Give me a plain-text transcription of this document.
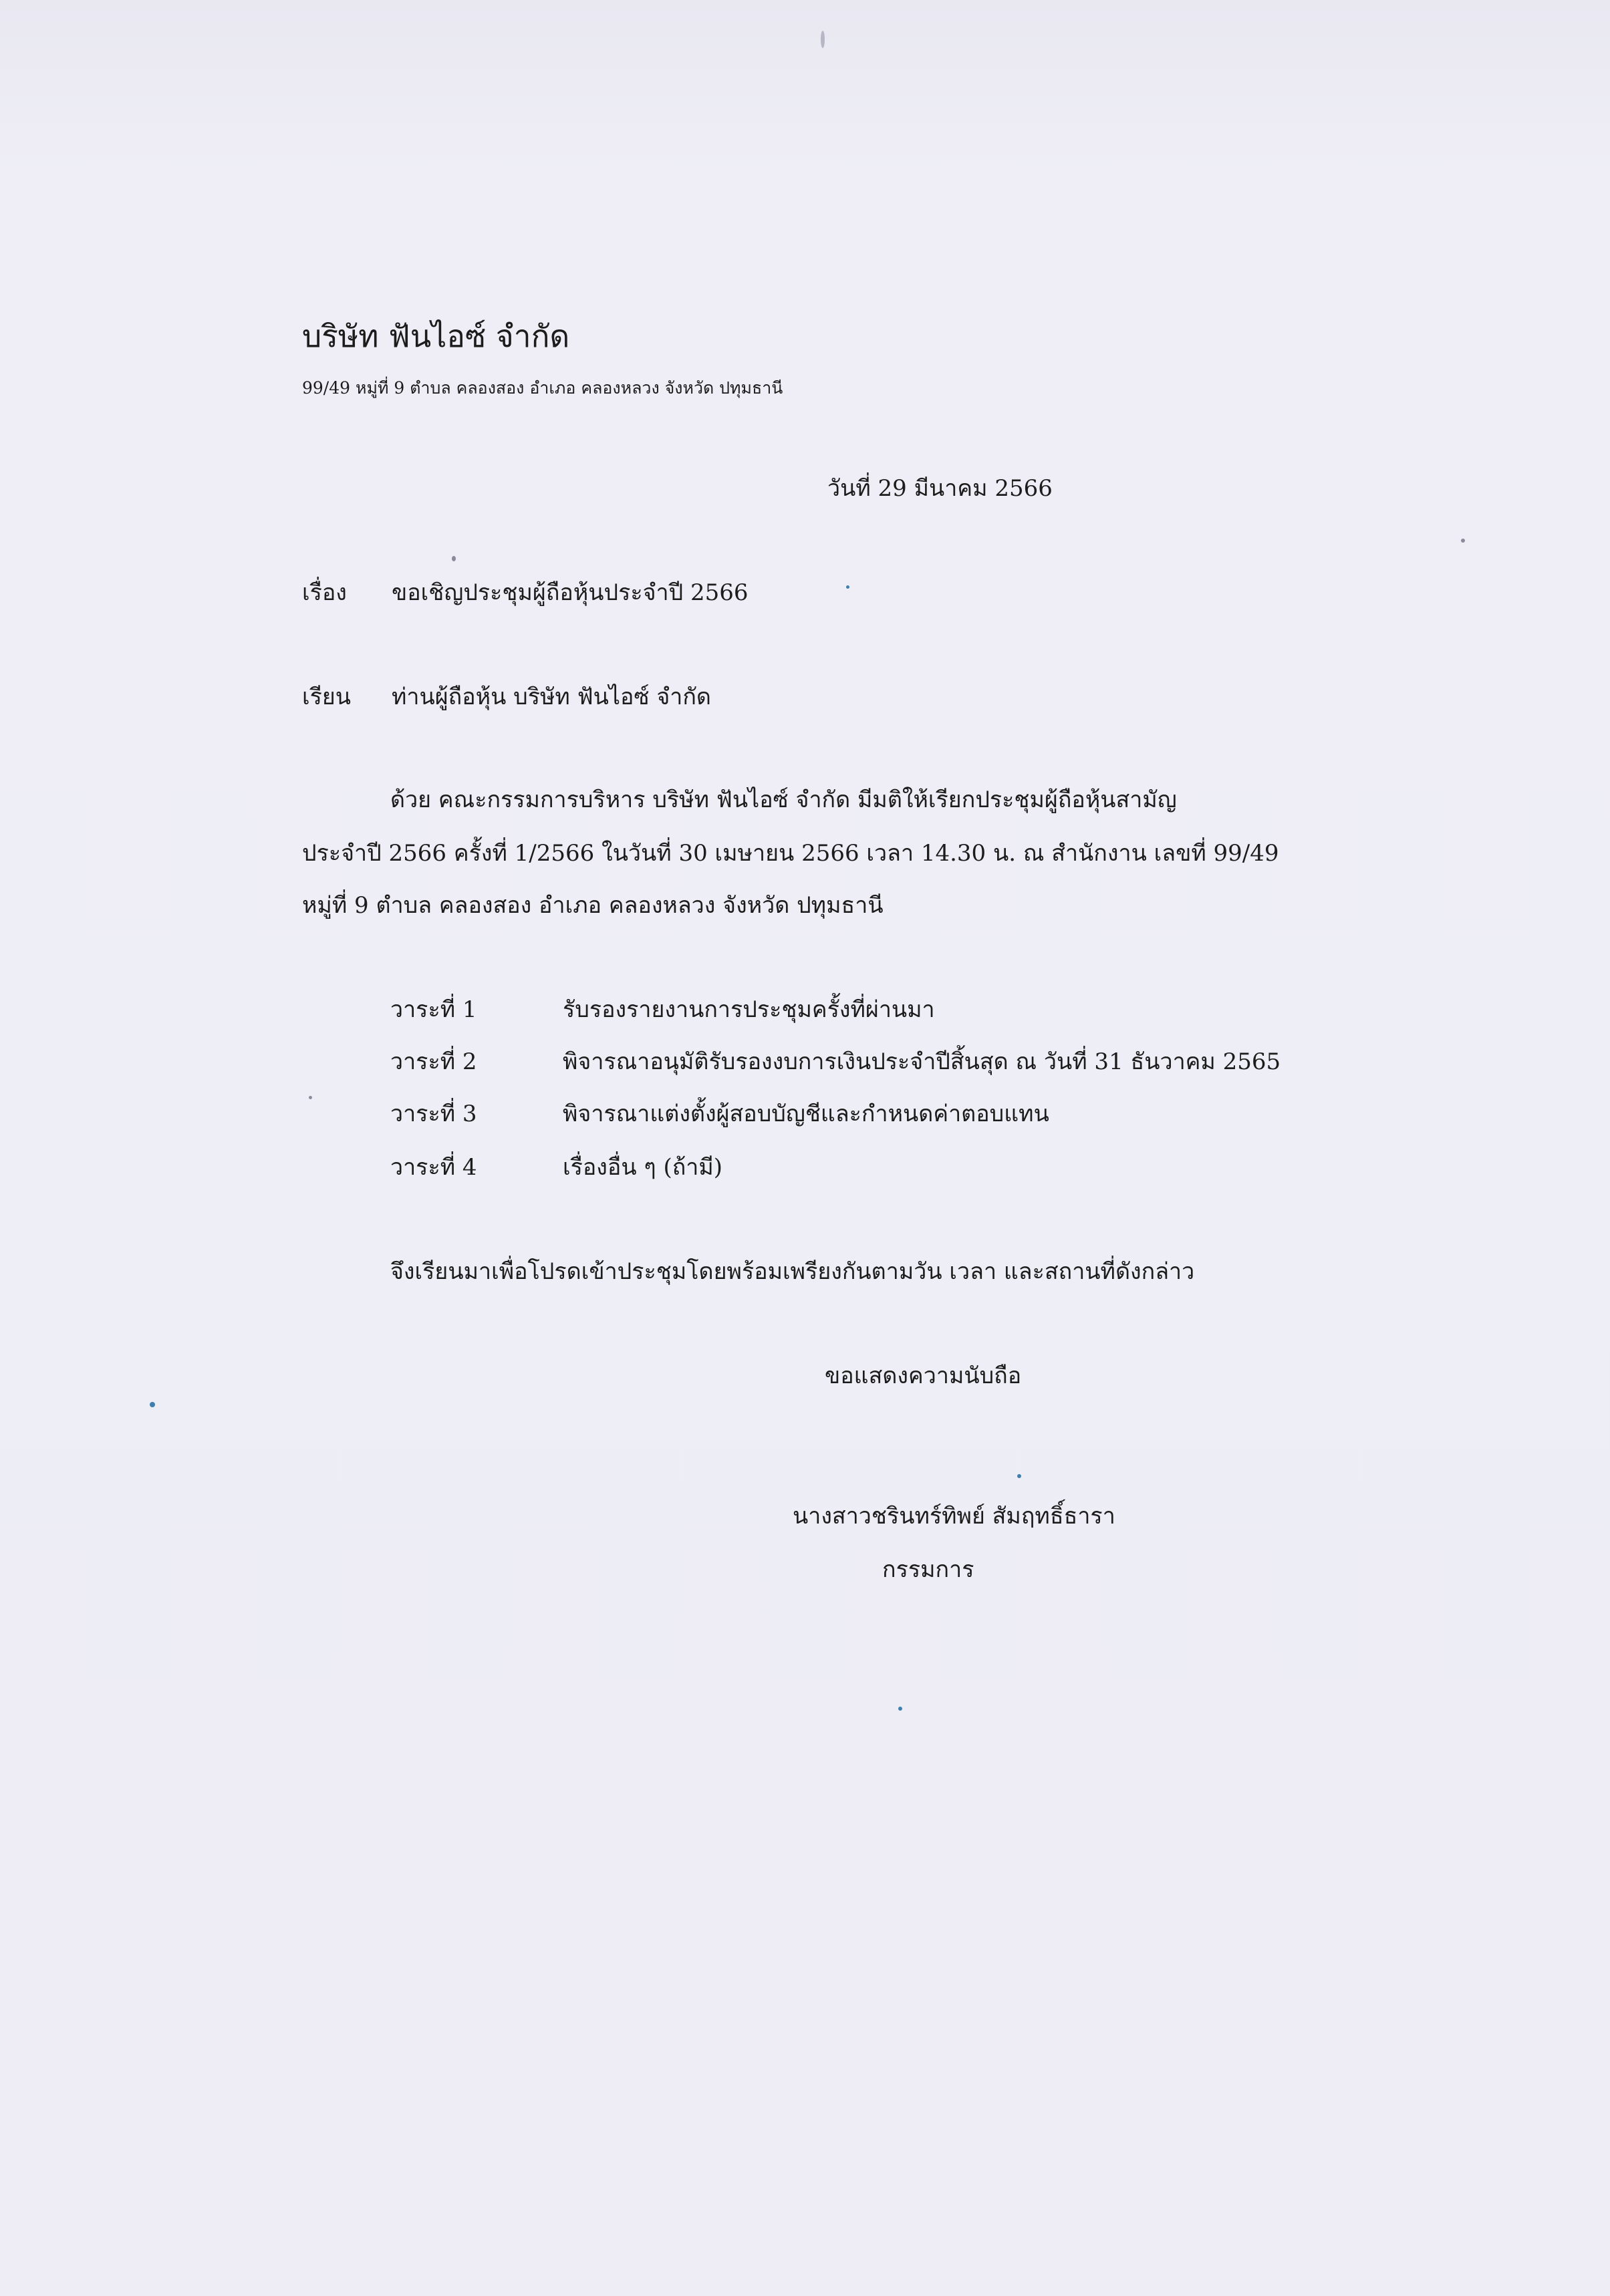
บริษัท ฟันไอซ์ จำกัด
99/49 หมู่ที่ 9 ตำบล คลองสอง อำเภอ คลองหลวง จังหวัด ปทุมธานี
วันที่ 29 มีนาคม 2566
เรื่อง ขอเชิญประชุมผู้ถือหุ้นประจำปี 2566
เรียน ท่านผู้ถือหุ้น บริษัท ฟันไอซ์ จำกัด
ด้วย คณะกรรมการบริหาร บริษัท ฟันไอซ์ จำกัด มีมติให้เรียกประชุมผู้ถือหุ้นสามัญ
ประจำปี 2566 ครั้งที่ 1/2566 ในวันที่ 30 เมษายน 2566 เวลา 14.30 น. ณ สำนักงาน เลขที่ 99/49
หมู่ที่ 9 ตำบล คลองสอง อำเภอ คลองหลวง จังหวัด ปทุมธานี
วาระที่ 1	รับรองรายงานการประชุมครั้งที่ผ่านมา
วาระที่ 2	พิจารณาอนุมัติรับรองงบการเงินประจำปีสิ้นสุด ณ วันที่ 31 ธันวาคม 2565
วาระที่ 3	พิจารณาแต่งตั้งผู้สอบบัญชีและกำหนดค่าตอบแทน
วาระที่ 4	เรื่องอื่น ๆ (ถ้ามี)
จึงเรียนมาเพื่อโปรดเข้าประชุมโดยพร้อมเพรียงกันตามวัน เวลา และสถานที่ดังกล่าว
ขอแสดงความนับถือ
นางสาวชรินทร์ทิพย์ สัมฤทธิ์ธารา
กรรมการ
